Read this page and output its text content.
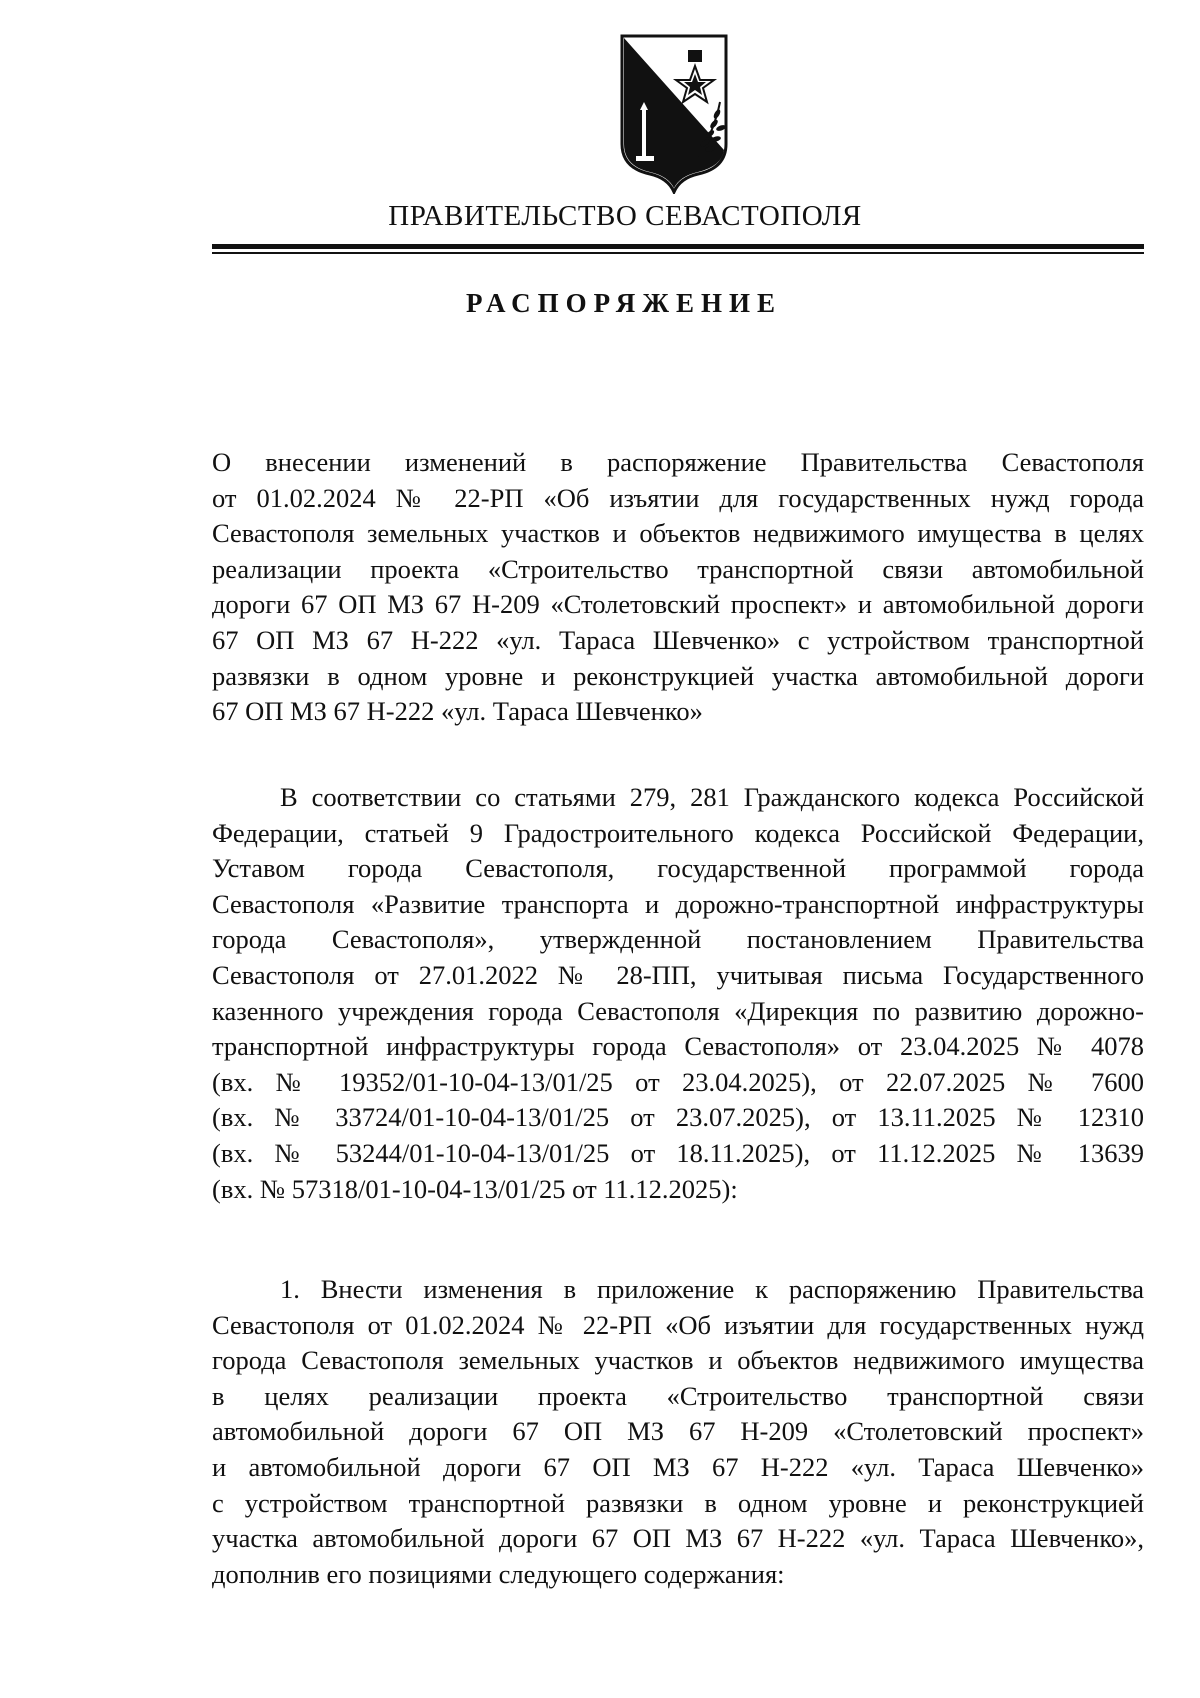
ПРАВИТЕЛЬСТВО СЕВАСТОПОЛЯ
РАСПОРЯЖЕНИЕ
О внесении изменений в распоряжение Правительства Севастополя
от 01.02.2024 № 22-РП «Об изъятии для государственных нужд города
Севастополя земельных участков и объектов недвижимого имущества в целях
реализации проекта «Строительство транспортной связи автомобильной
дороги 67 ОП МЗ 67 Н-209 «Столетовский проспект» и автомобильной дороги
67 ОП МЗ 67 Н-222 «ул. Тараса Шевченко» с устройством транспортной
развязки в одном уровне и реконструкцией участка автомобильной дороги
67 ОП МЗ 67 Н-222 «ул. Тараса Шевченко»
В соответствии со статьями 279, 281 Гражданского кодекса Российской
Федерации, статьей 9 Градостроительного кодекса Российской Федерации,
Уставом города Севастополя, государственной программой города
Севастополя «Развитие транспорта и дорожно-транспортной инфраструктуры
города Севастополя», утвержденной постановлением Правительства
Севастополя от 27.01.2022 № 28-ПП, учитывая письма Государственного
казенного учреждения города Севастополя «Дирекция по развитию дорожно-
транспортной инфраструктуры города Севастополя» от 23.04.2025 № 4078
(вх. № 19352/01-10-04-13/01/25 от 23.04.2025), от 22.07.2025 № 7600
(вх. № 33724/01-10-04-13/01/25 от 23.07.2025), от 13.11.2025 № 12310
(вх. № 53244/01-10-04-13/01/25 от 18.11.2025), от 11.12.2025 № 13639
(вх. № 57318/01-10-04-13/01/25 от 11.12.2025):
1. Внести изменения в приложение к распоряжению Правительства
Севастополя от 01.02.2024 № 22-РП «Об изъятии для государственных нужд
города Севастополя земельных участков и объектов недвижимого имущества
в целях реализации проекта «Строительство транспортной связи
автомобильной дороги 67 ОП МЗ 67 Н-209 «Столетовский проспект»
и автомобильной дороги 67 ОП МЗ 67 Н-222 «ул. Тараса Шевченко»
с устройством транспортной развязки в одном уровне и реконструкцией
участка автомобильной дороги 67 ОП МЗ 67 Н-222 «ул. Тараса Шевченко»,
дополнив его позициями следующего содержания:
